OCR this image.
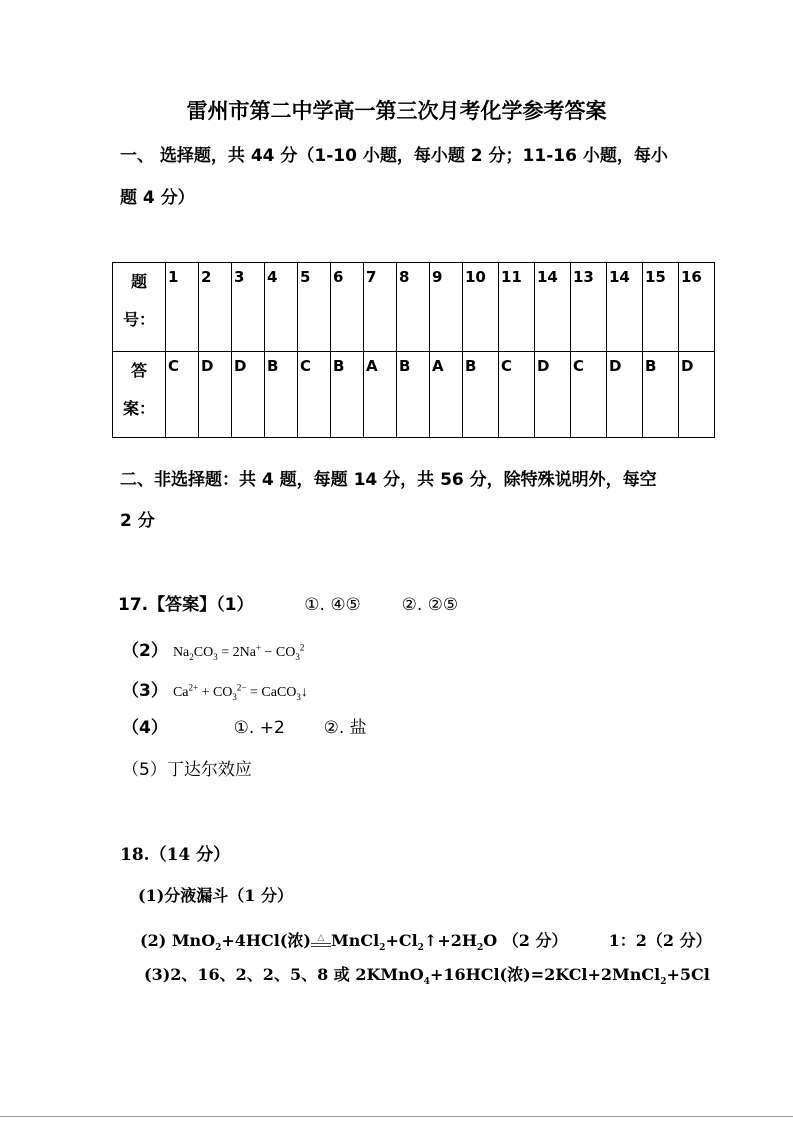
雷州市第二中学高一第三次月考化学参考答案
一、 选择题，共 44 分（1-10 小题，每小题 2 分；11-16 小题，每小
题 4 分）
题
号：	1	2	3	4	5	6	7	8	9	10	11	14	13	14	15	16
答
案：	C	D	D	B	C	B	A	B	A	B	C	D	C	D	B	D
二、非选择题：共 4 题，每题 14 分，共 56 分，除特殊说明外，每空
2 分
17.【答案】（1）	①. ④⑤ ②. ②⑤
（2） $Na_2CO_3 = 2Na^+ - CO_3^2$
（3） $Ca^{2+} + CO_3^{2-}$ = CaCO$_3$↓
（4）	①. +2 ②. 盐
（5）丁达尔效应
18.（14 分）
(1)分液漏斗（1 分）
(2) MnO$_2$+4HCl(浓) △ $MnCl_2+Cl_2↑+2H_2O$ （2 分）	1：2（2 分）
(3)2、16、2、2、5、8 或 2KMnO$_4$+16HCl(浓)=2KCl+2MnCl$_2$+5Cl
